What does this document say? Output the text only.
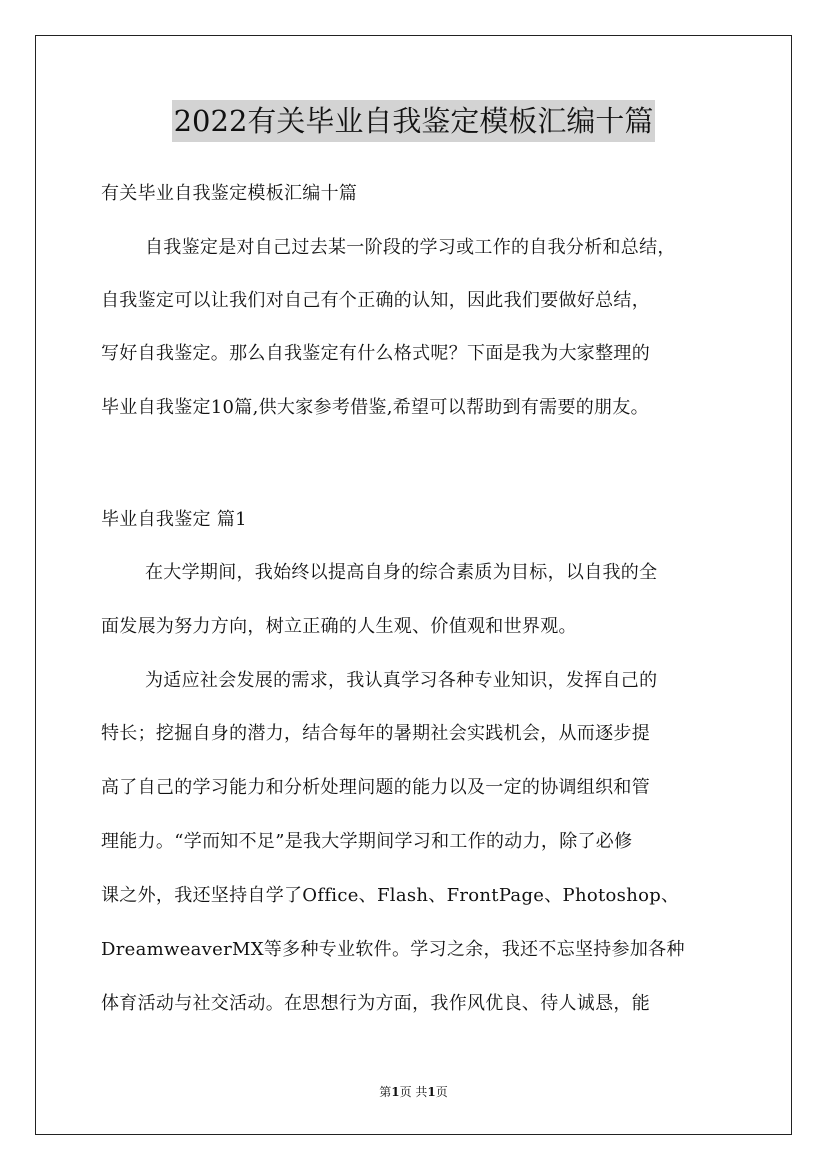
2022有关毕业自我鉴定模板汇编十篇
有关毕业自我鉴定模板汇编十篇
自我鉴定是对自己过去某一阶段的学习或工作的自我分析和总结，
自我鉴定可以让我们对自己有个正确的认知，因此我们要做好总结，
写好自我鉴定。那么自我鉴定有什么格式呢？下面是我为大家整理的
毕业自我鉴定10篇,供大家参考借鉴,希望可以帮助到有需要的朋友。
毕业自我鉴定 篇1
在大学期间，我始终以提高自身的综合素质为目标，以自我的全
面发展为努力方向，树立正确的人生观、价值观和世界观。
为适应社会发展的需求，我认真学习各种专业知识，发挥自己的
特长；挖掘自身的潜力，结合每年的暑期社会实践机会，从而逐步提
高了自己的学习能力和分析处理问题的能力以及一定的协调组织和管
理能力。“学而知不足”是我大学期间学习和工作的动力，除了必修
课之外，我还坚持自学了Office、Flash、FrontPage、Photoshop、
DreamweaverMX等多种专业软件。学习之余，我还不忘坚持参加各种
体育活动与社交活动。在思想行为方面，我作风优良、待人诚恳，能
第1页 共1页
